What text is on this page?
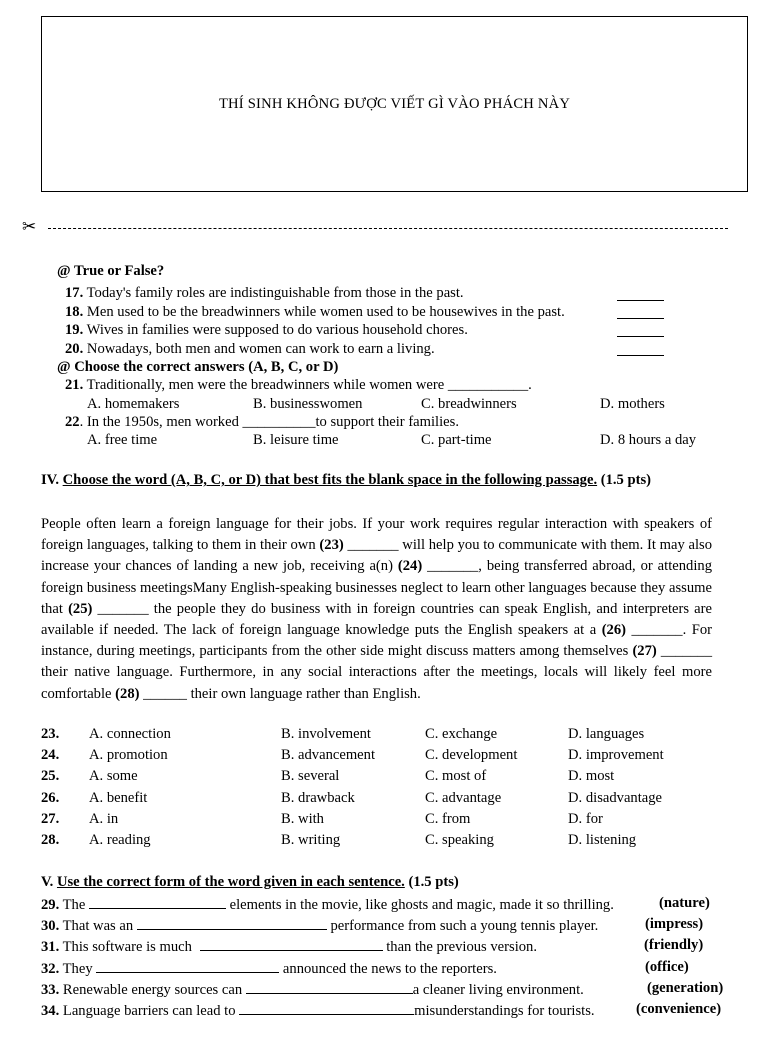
THÍ SINH KHÔNG ĐƯỢC VIẾT GÌ VÀO PHÁCH NÀY
✂
@ True or False?
17. Today's family roles are indistinguishable from those in the past.
18. Men used to be the breadwinners while women used to be housewives in the past.
19. Wives in families were supposed to do various household chores.
20. Nowadays, both men and women can work to earn a living.
@ Choose the correct answers (A, B, C, or D)
21. Traditionally, men were the breadwinners while women were ___________.
A. homemakers	B. businesswomen	C. breadwinners	D. mothers
22. In the 1950s, men worked __________to support their families.
A. free time	B. leisure time	C. part-time	D. 8 hours a day
IV. Choose the word (A, B, C, or D) that best fits the blank space in the following passage. (1.5 pts)
People often learn a foreign language for their jobs. If your work requires regular interaction with speakers of foreign languages, talking to them in their own (23) _______ will help you to communicate with them. It may also increase your chances of landing a new job, receiving a(n) (24) _______, being transferred abroad, or attending foreign business meetingsMany English-speaking businesses neglect to learn other languages because they assume that (25) _______ the people they do business with in foreign countries can speak English, and interpreters are available if needed. The lack of foreign language knowledge puts the English speakers at a (26) _______. For instance, during meetings, participants from the other side might discuss matters among themselves (27) _______ their native language. Furthermore, in any social interactions after the meetings, locals will likely feel more comfortable (28) ______ their own language rather than English.
23. A. connection	B. involvement	C. exchange	D. languages
24. A. promotion	B. advancement	C. development	D. improvement
25. A. some	B. several	C. most of	D. most
26. A. benefit	B. drawback	C. advantage	D. disadvantage
27. A. in	B. with	C. from	D. for
28. A. reading	B. writing	C. speaking	D. listening
V. Use the correct form of the word given in each sentence. (1.5 pts)
29. The	elements in the movie, like ghosts and magic, made it so thrilling.	(nature)
30. That was an	performance from such a young tennis player.	(impress)
31. This software is much	than the previous version.	(friendly)
32. They	announced the news to the reporters.	(office)
33. Renewable energy sources can	a cleaner living environment.	(generation)
34. Language barriers can lead to	misunderstandings for tourists.	(convenience)
